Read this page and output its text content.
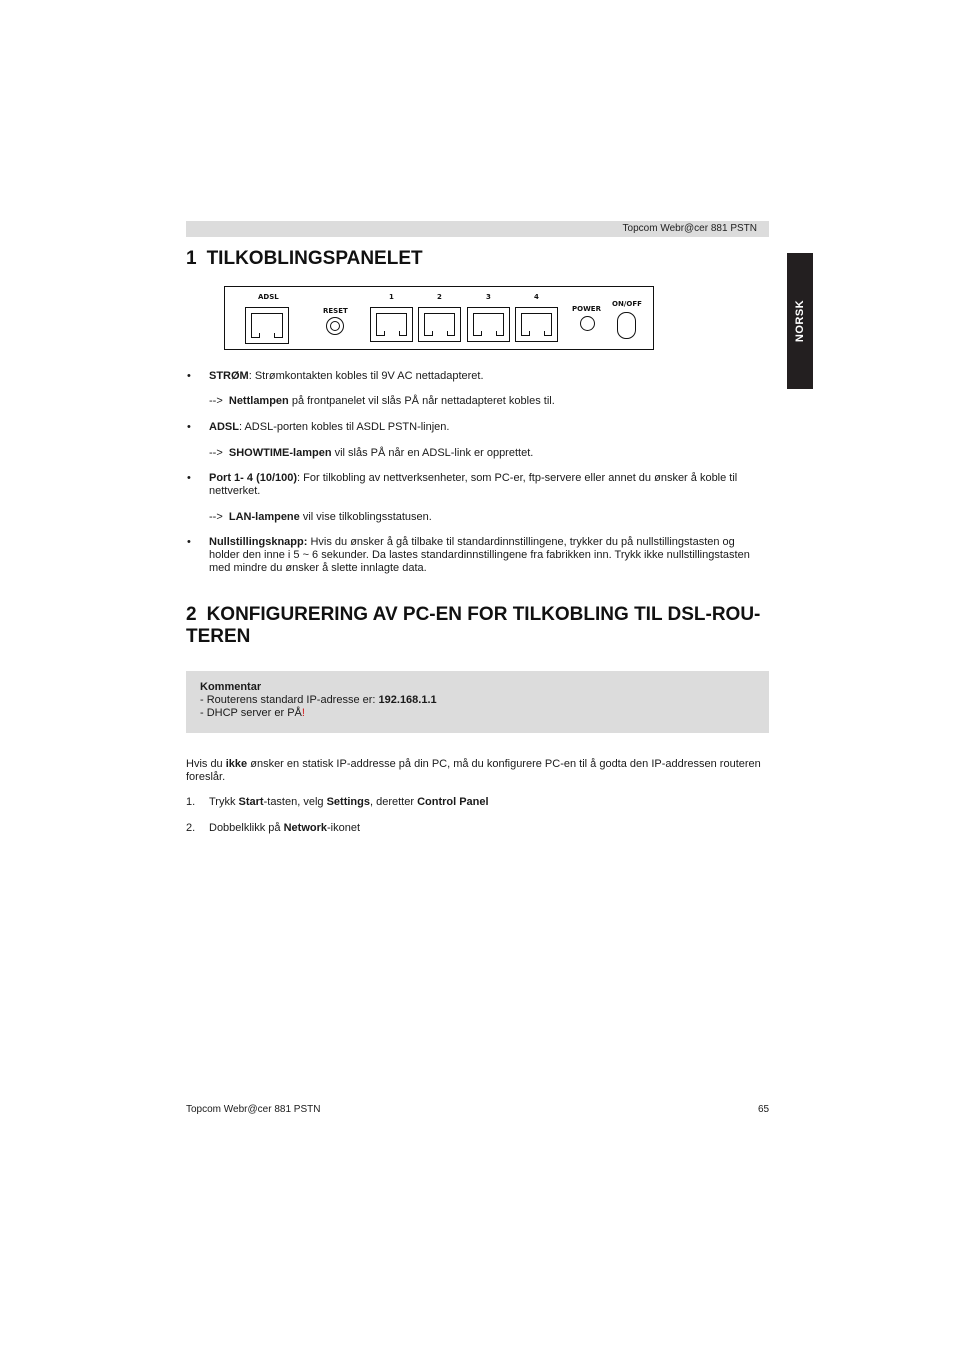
Topcom Webr@cer 881 PSTN
NORSK
1 TILKOBLINGSPANELET
ADSL
RESET
1	2	3	4
POWER
ON/OFF
• STRØM: Strømkontakten kobles til 9V AC nettadapteret.
--> Nettlampen på frontpanelet vil slås PÅ når nettadapteret kobles til.
• ADSL: ADSL-porten kobles til ASDL PSTN-linjen.
--> SHOWTIME-lampen vil slås PÅ når en ADSL-link er opprettet.
• Port 1- 4 (10/100): For tilkobling av nettverksenheter, som PC-er, ftp-servere eller annet du ønsker å koble til
nettverket.
--> LAN-lampene vil vise tilkoblingsstatusen.
• Nullstillingsknapp: Hvis du ønsker å gå tilbake til standardinnstillingene, trykker du på nullstillingstasten og
holder den inne i 5 ~ 6 sekunder. Da lastes standardinnstillingene fra fabrikken inn. Trykk ikke nullstillingstasten
med mindre du ønsker å slette innlagte data.
2 KONFIGURERING AV PC-EN FOR TILKOBLING TIL DSL-ROU-
TEREN
Kommentar
- Routerens standard IP-adresse er: 192.168.1.1
- DHCP server er PÅ!
Hvis du ikke ønsker en statisk IP-addresse på din PC, må du konfigurere PC-en til å godta den IP-addressen routeren
foreslår.
1. Trykk Start-tasten, velg Settings, deretter Control Panel
2. Dobbelklikk på Network-ikonet
Topcom Webr@cer 881 PSTN	65
